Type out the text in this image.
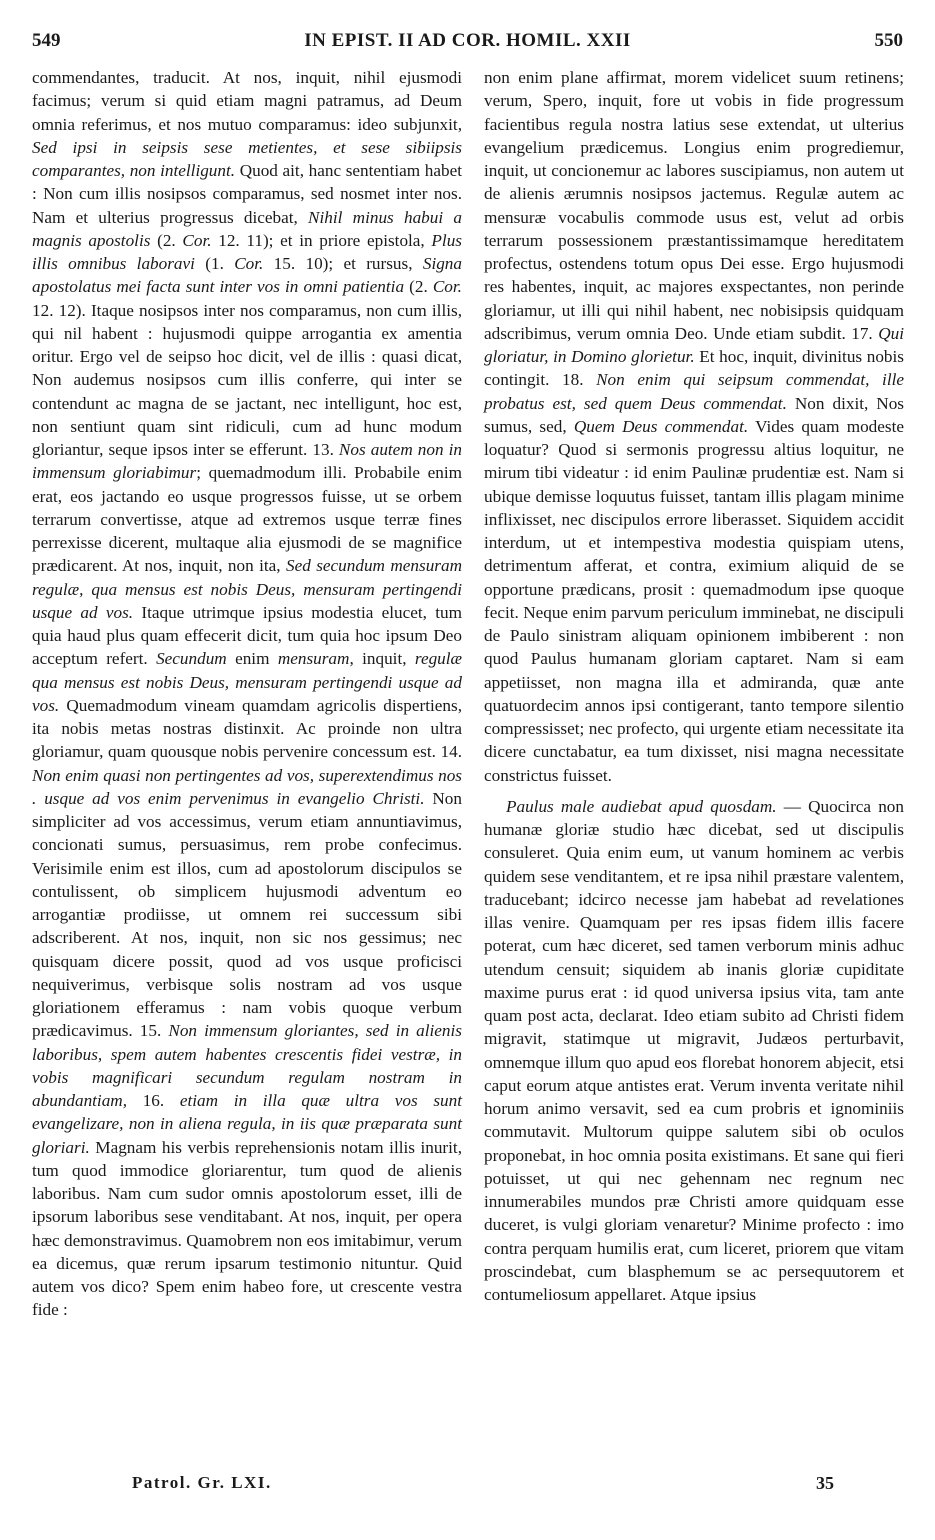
549	IN EPIST. II AD COR. HOMIL. XXII	550

commendantes, traducit. At nos, inquit, nihil ejusmodi facimus; verum si quid etiam magni patramus, ad Deum omnia referimus, et nos mutuo comparamus: ideo subjunxit, Sed ipsi in seipsis sese metientes, et sese sibiipsis comparantes, non intelligunt. Quod ait, hanc sententiam habet : Non cum illis nosipsos comparamus, sed nosmet inter nos. Nam et ulterius progressus dicebat, Nihil minus habui a magnis apostolis (2. Cor. 12. 11); et in priore epistola, Plus illis omnibus laboravi (1. Cor. 15. 10); et rursus, Signa apostolatus mei facta sunt inter vos in omni patientia (2. Cor. 12. 12). Itaque nosipsos inter nos comparamus, non cum illis, qui nil habent : hujusmodi quippe arrogantia ex amentia oritur. Ergo vel de seipso hoc dicit, vel de illis : quasi dicat, Non audemus nosipsos cum illis conferre, qui inter se contendunt ac magna de se jactant, nec intelligunt, hoc est, non sentiunt quam sint ridiculi, cum ad hunc modum gloriantur, seque ipsos inter se efferunt. 13. Nos autem non in immensum gloriabimur; quemadmodum illi. Probabile enim erat, eos jactando eo usque progressos fuisse, ut se orbem terrarum convertisse, atque ad extremos usque terræ fines perrexisse dicerent, multaque alia ejusmodi de se magnifice prædicarent. At nos, inquit, non ita, Sed secundum mensuram regulæ, qua mensus est nobis Deus, mensuram pertingendi usque ad vos. Itaque utrimque ipsius modestia elucet, tum quia haud plus quam effecerit dicit, tum quia hoc ipsum Deo acceptum refert. Secundum enim mensuram, inquit, regulæ qua mensus est nobis Deus, mensuram pertingendi usque ad vos. Quemadmodum vineam quamdam agricolis dispertiens, ita nobis metas nostras distinxit. Ac proinde non ultra gloriamur, quam quousque nobis pervenire concessum est. 14. Non enim quasi non pertingentes ad vos, superextendimus nos . usque ad vos enim pervenimus in evangelio Christi. Non simpliciter ad vos accessimus, verum etiam annuntiavimus, concionati sumus, persuasimus, rem probe confecimus. Verisimile enim est illos, cum ad apostolorum discipulos se contulissent, ob simplicem hujusmodi adventum eo arrogantiæ prodiisse, ut omnem rei successum sibi adscriberent. At nos, inquit, non sic nos gessimus; nec quisquam dicere possit, quod ad vos usque proficisci nequiverimus, verbisque solis nostram ad vos usque gloriationem efferamus : nam vobis quoque verbum prædicavimus. 15. Non immensum gloriantes, sed in alienis laboribus, spem autem habentes crescentis fidei vestræ, in vobis magnificari secundum regulam nostram in abundantiam, 16. etiam in illa quæ ultra vos sunt evangelizare, non in aliena regula, in iis quæ præparata sunt gloriari. Magnam his verbis reprehensionis notam illis inurit, tum quod immodice gloriarentur, tum quod de alienis laboribus. Nam cum sudor omnis apostolorum esset, illi de ipsorum laboribus sese venditabant. At nos, inquit, per opera hæc demonstravimus. Quamobrem non eos imitabimur, verum ea dicemus, quæ rerum ipsarum testimonio nituntur. Quid autem vos dico? Spem enim habeo fore, ut crescente vestra fide :

non enim plane affirmat, morem videlicet suum retinens; verum, Spero, inquit, fore ut vobis in fide progressum facientibus regula nostra latius sese extendat, ut ulterius evangelium prædicemus. Longius enim progrediemur, inquit, ut concionemur ac labores suscipiamus, non autem ut de alienis ærumnis nosipsos jactemus. Regulæ autem ac mensuræ vocabulis commode usus est, velut ad orbis terrarum possessionem præstantissimamque hereditatem profectus, ostendens totum opus Dei esse. Ergo hujusmodi res habentes, inquit, ac majores exspectantes, non perinde gloriamur, ut illi qui nihil habent, nec nobisipsis quidquam adscribimus, verum omnia Deo. Unde etiam subdit. 17. Qui gloriatur, in Domino glorietur. Et hoc, inquit, divinitus nobis contingit. 18. Non enim qui seipsum commendat, ille probatus est, sed quem Deus commendat. Non dixit, Nos sumus, sed, Quem Deus commendat. Vides quam modeste loquatur? Quod si sermonis progressu altius loquitur, ne mirum tibi videatur : id enim Paulinæ prudentiæ est. Nam si ubique demisse loquutus fuisset, tantam illis plagam minime inflixisset, nec discipulos errore liberasset. Siquidem accidit interdum, ut et intempestiva modestia quispiam utens, detrimentum afferat, et contra, eximium aliquid de se opportune prædicans, prosit : quemadmodum ipse quoque fecit. Neque enim parvum periculum imminebat, ne discipuli de Paulo sinistram aliquam opinionem imbiberent : non quod Paulus humanam gloriam captaret. Nam si eam appetiisset, non magna illa et admiranda, quæ ante quatuordecim annos ipsi contigerant, tanto tempore silentio compressisset; nec profecto, qui urgente etiam necessitate ita dicere cunctabatur, ea tum dixisset, nisi magna necessitate constrictus fuisset.

Paulus male audiebat apud quosdam. — Quocirca non humanæ gloriæ studio hæc dicebat, sed ut discipulis consuleret. Quia enim eum, ut vanum hominem ac verbis quidem sese venditantem, et re ipsa nihil præstare valentem, traducebant; idcirco necesse jam habebat ad revelationes illas venire. Quamquam per res ipsas fidem illis facere poterat, cum hæc diceret, sed tamen verborum minis adhuc utendum censuit; siquidem ab inanis gloriæ cupiditate maxime purus erat : id quod universa ipsius vita, tam ante quam post acta, declarat. Ideo etiam subito ad Christi fidem migravit, statimque ut migravit, Judæos perturbavit, omnemque illum quo apud eos florebat honorem abjecit, etsi caput eorum atque antistes erat. Verum inventa veritate nihil horum animo versavit, sed ea cum probris et ignominiis commutavit. Multorum quippe salutem sibi ob oculos proponebat, in hoc omnia posita existimans. Et sane qui fieri potuisset, ut qui nec gehennam nec regnum nec innumerabiles mundos præ Christi amore quidquam esse duceret, is vulgi gloriam venaretur? Minime profecto : imo contra perquam humilis erat, cum liceret, priorem que vitam proscindebat, cum blasphemum se ac persequutorem et contumeliosum appellaret. Atque ipsius

Patrol. Gr. LXI.	35
